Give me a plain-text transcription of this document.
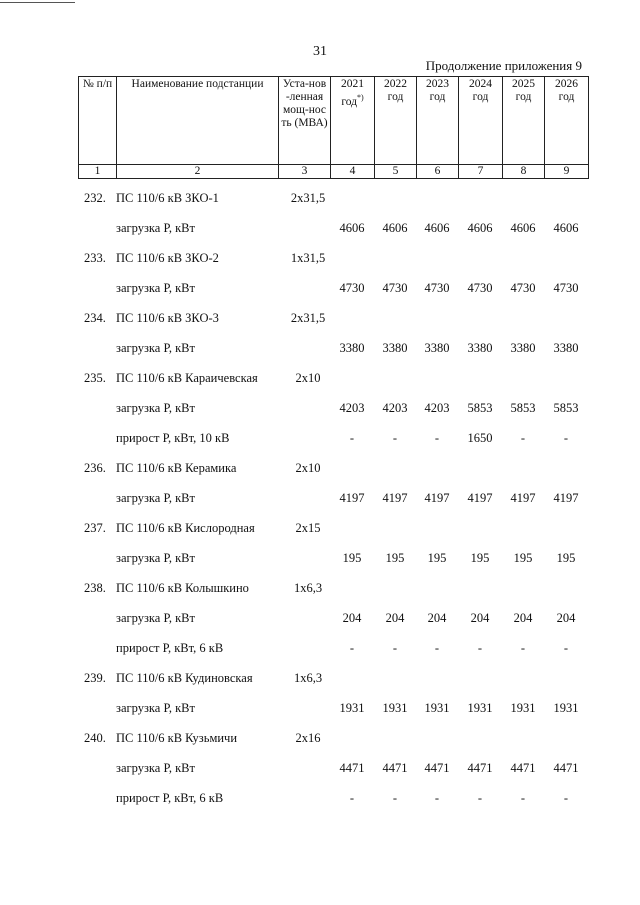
31
Продолжение приложения 9
№ п/п	Наименование подстанции	Уста-нов-ленная мощ-ность (МВА)	2021 год*)	2022 год	2023 год	2024 год	2025 год	2026 год
1	2	3	4	5	6	7	8	9
232. ПС 110/6 кВ ЗКО-1	2x31,5
загрузка Р, кВт	4606	4606	4606	4606	4606	4606
233. ПС 110/6 кВ ЗКО-2	1x31,5
загрузка Р, кВт	4730	4730	4730	4730	4730	4730
234. ПС 110/6 кВ ЗКО-3	2x31,5
загрузка Р, кВт	3380	3380	3380	3380	3380	3380
235. ПС 110/6 кВ Караичевская	2x10
загрузка Р, кВт	4203	4203	4203	5853	5853	5853
прирост Р, кВт, 10 кВ	-	-	-	1650	-	-
236. ПС 110/6 кВ Керамика	2x10
загрузка Р, кВт	4197	4197	4197	4197	4197	4197
237. ПС 110/6 кВ Кислородная	2x15
загрузка Р, кВт	195	195	195	195	195	195
238. ПС 110/6 кВ Колышкино	1x6,3
загрузка Р, кВт	204	204	204	204	204	204
прирост Р, кВт, 6 кВ	-	-	-	-	-	-
239. ПС 110/6 кВ Кудиновская	1x6,3
загрузка Р, кВт	1931	1931	1931	1931	1931	1931
240. ПС 110/6 кВ Кузьмичи	2x16
загрузка Р, кВт	4471	4471	4471	4471	4471	4471
прирост Р, кВт, 6 кВ	-	-	-	-	-	-
